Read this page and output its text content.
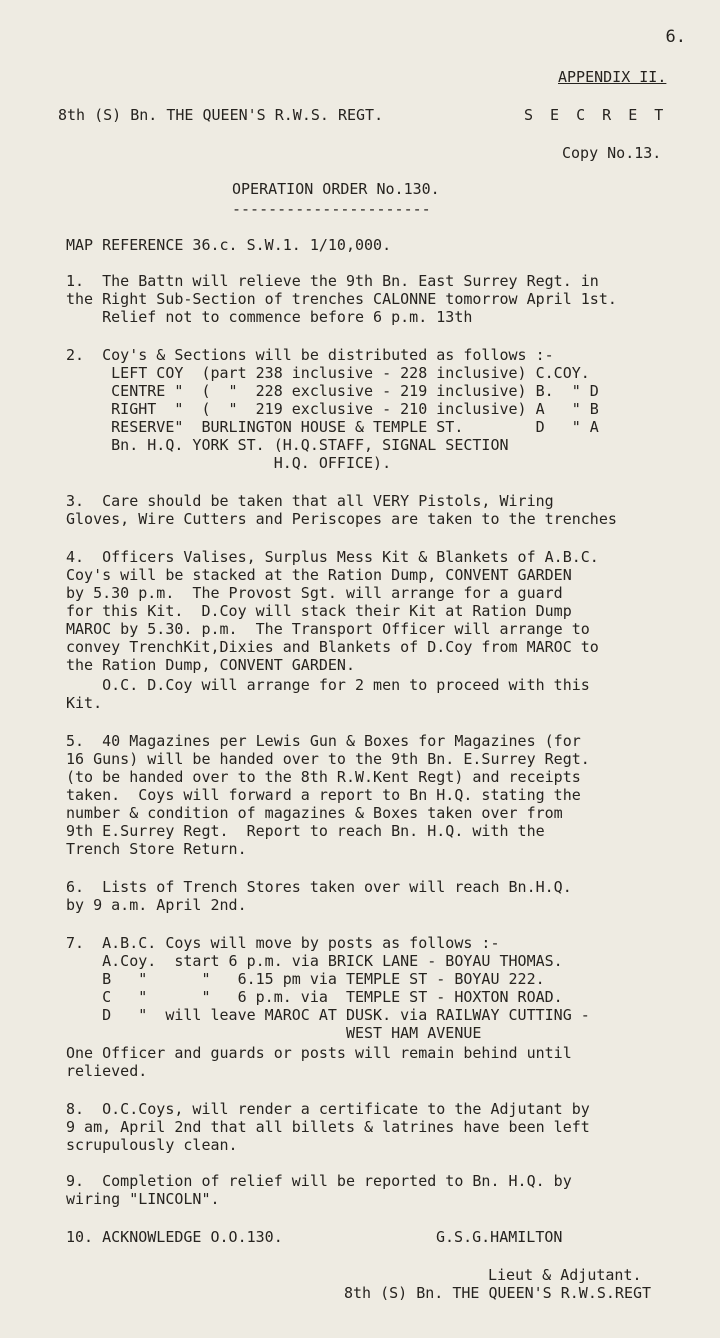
6.
APPENDIX II.
8th (S) Bn. THE QUEEN'S R.W.S. REGT.	S E C R E T
Copy No.13.
OPERATION ORDER No.130.
----------------------
MAP REFERENCE 36.c. S.W.1. 1/10,000.
1.  The Battn will relieve the 9th Bn. East Surrey Regt. in
the Right Sub-Section of trenches CALONNE tomorrow April 1st.
Relief not to commence before 6 p.m. 13th
2.  Coy's & Sections will be distributed as follows :-
LEFT COY  (part 238 inclusive - 228 inclusive) C.COY.
CENTRE "  (  "  228 exclusive - 219 inclusive) B.  " D
RIGHT  "  (  "  219 exclusive - 210 inclusive) A   " B
RESERVE"  BURLINGTON HOUSE & TEMPLE ST.        D   " A
Bn. H.Q. YORK ST. (H.Q.STAFF, SIGNAL SECTION
H.Q. OFFICE).
3.  Care should be taken that all VERY Pistols, Wiring
Gloves, Wire Cutters and Periscopes are taken to the trenches
4.  Officers Valises, Surplus Mess Kit & Blankets of A.B.C.
Coy's will be stacked at the Ration Dump, CONVENT GARDEN
by 5.30 p.m.  The Provost Sgt. will arrange for a guard
for this Kit.  D.Coy will stack their Kit at Ration Dump
MAROC by 5.30. p.m.  The Transport Officer will arrange to
convey TrenchKit,Dixies and Blankets of D.Coy from MAROC to
the Ration Dump, CONVENT GARDEN.
O.C. D.Coy will arrange for 2 men to proceed with this
Kit.
5.  40 Magazines per Lewis Gun & Boxes for Magazines (for
16 Guns) will be handed over to the 9th Bn. E.Surrey Regt.
(to be handed over to the 8th R.W.Kent Regt) and receipts
taken.  Coys will forward a report to Bn H.Q. stating the
number & condition of magazines & Boxes taken over from
9th E.Surrey Regt.  Report to reach Bn. H.Q. with the
Trench Store Return.
6.  Lists of Trench Stores taken over will reach Bn.H.Q.
by 9 a.m. April 2nd.
7.  A.B.C. Coys will move by posts as follows :-
A.Coy.  start 6 p.m. via BRICK LANE - BOYAU THOMAS.
B   "      "   6.15 pm via TEMPLE ST - BOYAU 222.
C   "      "   6 p.m. via  TEMPLE ST - HOXTON ROAD.
D   "  will leave MAROC AT DUSK. via RAILWAY CUTTING -
WEST HAM AVENUE
One Officer and guards or posts will remain behind until
relieved.
8.  O.C.Coys, will render a certificate to the Adjutant by
9 am, April 2nd that all billets & latrines have been left
scrupulously clean.
9.  Completion of relief will be reported to Bn. H.Q. by
wiring "LINCOLN".
10. ACKNOWLEDGE O.O.130.	G.S.G.HAMILTON
Lieut & Adjutant.
8th (S) Bn. THE QUEEN'S R.W.S.REGT
